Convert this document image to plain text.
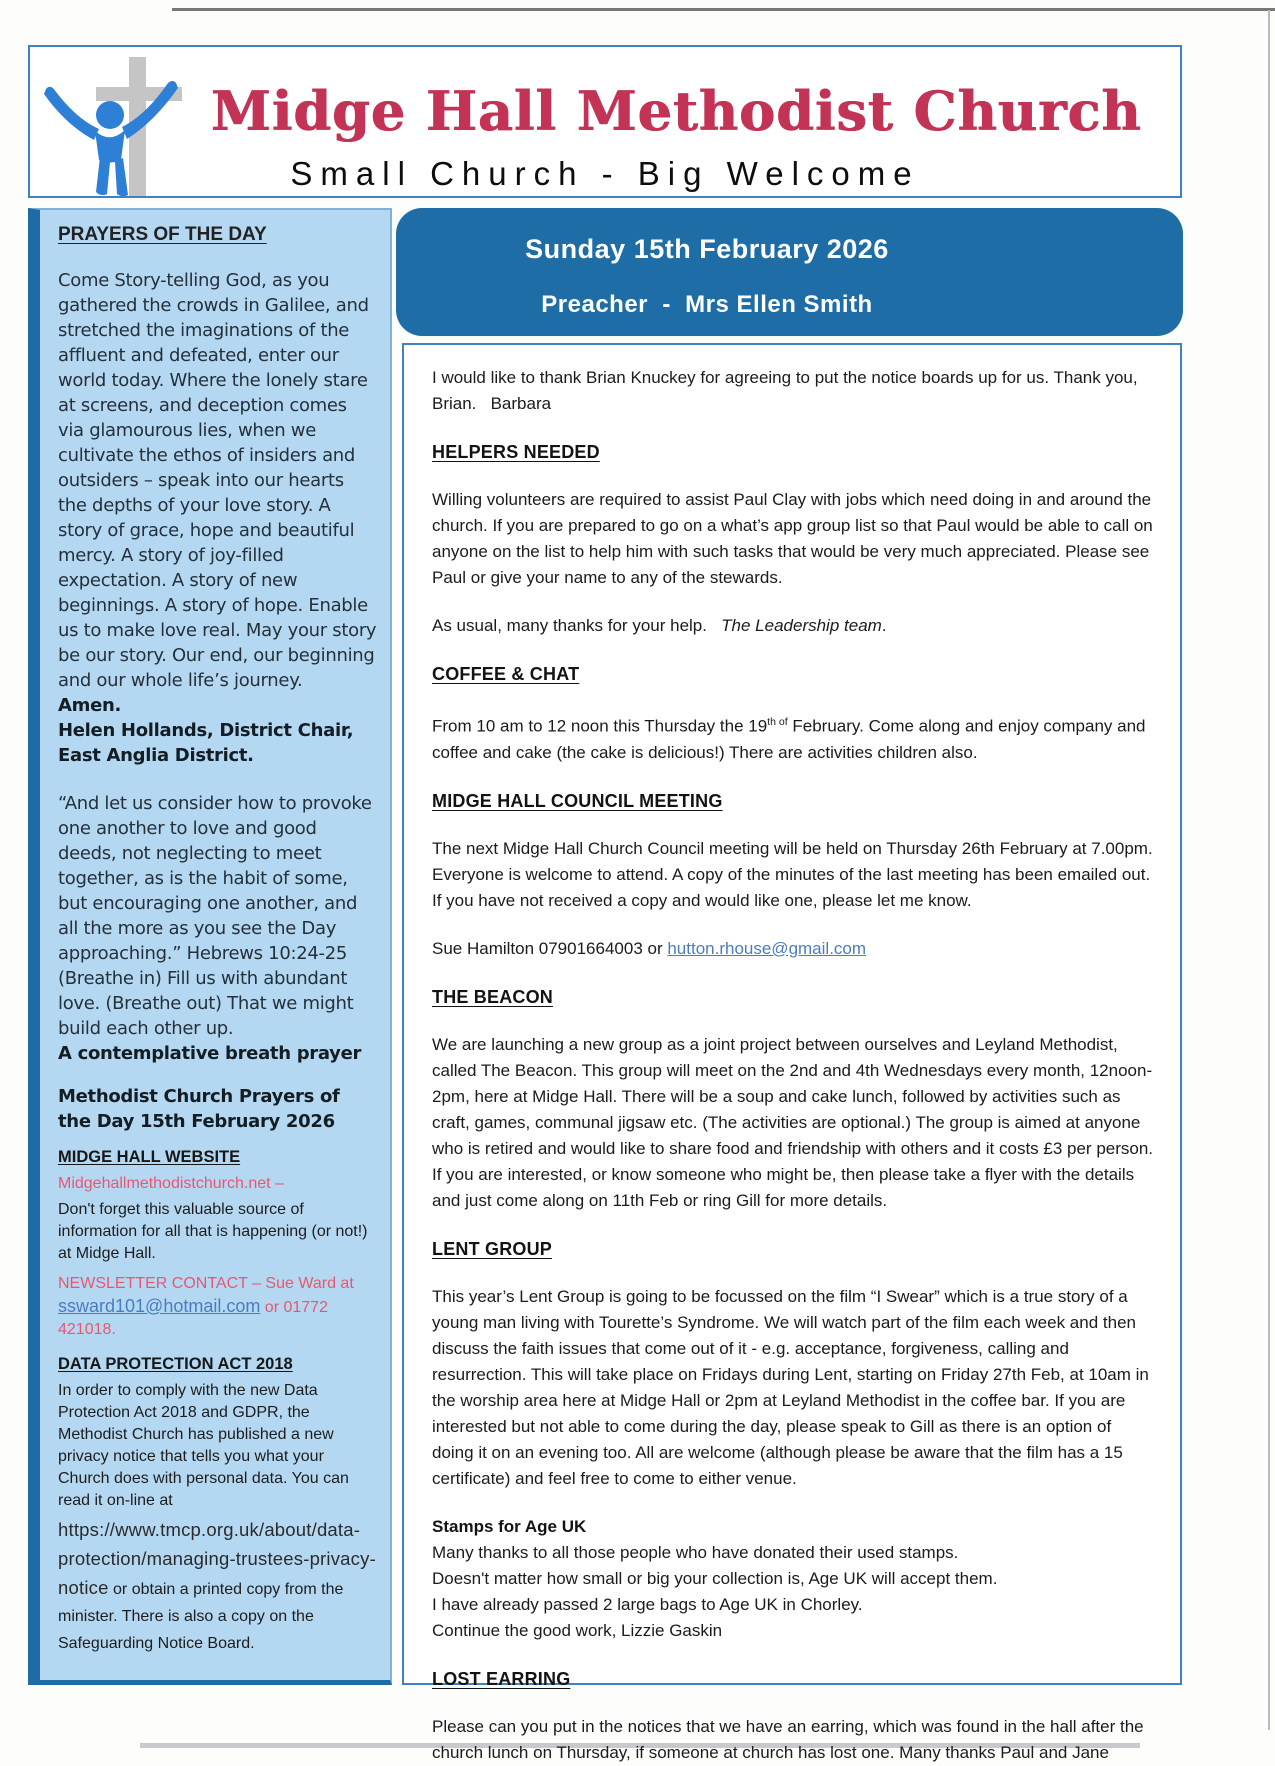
Midge Hall Methodist Church
Small Church - Big Welcome
PRAYERS OF THE DAY
Come Story-telling God, as you gathered the crowds in Galilee, and stretched the imaginations of the affluent and defeated, enter our world today. Where the lonely stare at screens, and deception comes via glamourous lies, when we cultivate the ethos of insiders and outsiders – speak into our hearts the depths of your love story. A story of grace, hope and beautiful mercy. A story of joy-filled expectation. A story of new beginnings. A story of hope. Enable us to make love real. May your story be our story. Our end, our beginning and our whole life’s journey.
Amen.
Helen Hollands, District Chair, East Anglia District.
“And let us consider how to provoke one another to love and good deeds, not neglecting to meet together, as is the habit of some, but encouraging one another, and all the more as you see the Day approaching.” Hebrews 10:24-25 (Breathe in) Fill us with abundant love. (Breathe out) That we might build each other up.
A contemplative breath prayer
Methodist Church Prayers of the Day 15th February 2026
MIDGE HALL WEBSITE
Midgehallmethodistchurch.net –
Don't forget this valuable source of information for all that is happening (or not!) at Midge Hall.
NEWSLETTER CONTACT – Sue Ward at
ssward101@hotmail.com or 01772 421018.
DATA PROTECTION ACT 2018
In order to comply with the new Data Protection Act 2018 and GDPR, the Methodist Church has published a new privacy notice that tells you what your Church does with personal data. You can read it on-line at
https://www.tmcp.org.uk/about/data-protection/managing-trustees-privacy-notice or obtain a printed copy from the minister. There is also a copy on the Safeguarding Notice Board.
Sunday 15th February 2026
Preacher  -  Mrs Ellen Smith

I would like to thank Brian Knuckey for agreeing to put the notice boards up for us. Thank you, Brian.   Barbara

HELPERS NEEDED

Willing volunteers are required to assist Paul Clay with jobs which need doing in and around the church. If you are prepared to go on a what’s app group list so that Paul would be able to call on anyone on the list to help him with such tasks that would be very much appreciated. Please see Paul or give your name to any of the stewards.

As usual, many thanks for your help.   The Leadership team.

COFFEE & CHAT

From 10 am to 12 noon this Thursday the $19^{th of}$ February. Come along and enjoy company and coffee and cake (the cake is delicious!) There are activities children also.

MIDGE HALL COUNCIL MEETING

The next Midge Hall Church Council meeting will be held on Thursday 26th February at 7.00pm. Everyone is welcome to attend. A copy of the minutes of the last meeting has been emailed out. If you have not received a copy and would like one, please let me know.

Sue Hamilton 07901664003 or hutton.rhouse@gmail.com

THE BEACON

We are launching a new group as a joint project between ourselves and Leyland Methodist, called The Beacon. This group will meet on the 2nd and 4th Wednesdays every month, 12noon-2pm, here at Midge Hall. There will be a soup and cake lunch, followed by activities such as craft, games, communal jigsaw etc. (The activities are optional.) The group is aimed at anyone who is retired and would like to share food and friendship with others and it costs £3 per person. If you are interested, or know someone who might be, then please take a flyer with the details and just come along on 11th Feb or ring Gill for more details.

LENT GROUP

This year’s Lent Group is going to be focussed on the film “I Swear” which is a true story of a young man living with Tourette’s Syndrome. We will watch part of the film each week and then discuss the faith issues that come out of it - e.g. acceptance, forgiveness, calling and resurrection. This will take place on Fridays during Lent, starting on Friday 27th Feb, at 10am in the worship area here at Midge Hall or 2pm at Leyland Methodist in the coffee bar. If you are interested but not able to come during the day, please speak to Gill as there is an option of doing it on an evening too. All are welcome (although please be aware that the film has a 15 certificate) and feel free to come to either venue.

Stamps for Age UK
Many thanks to all those people who have donated their used stamps.
Doesn't matter how small or big your collection is, Age UK will accept them.
I have already passed 2 large bags to Age UK in Chorley.
Continue the good work, Lizzie Gaskin
LOST EARRING

Please can you put in the notices that we have an earring, which was found in the hall after the church lunch on Thursday, if someone at church has lost one. Many thanks Paul and Jane
